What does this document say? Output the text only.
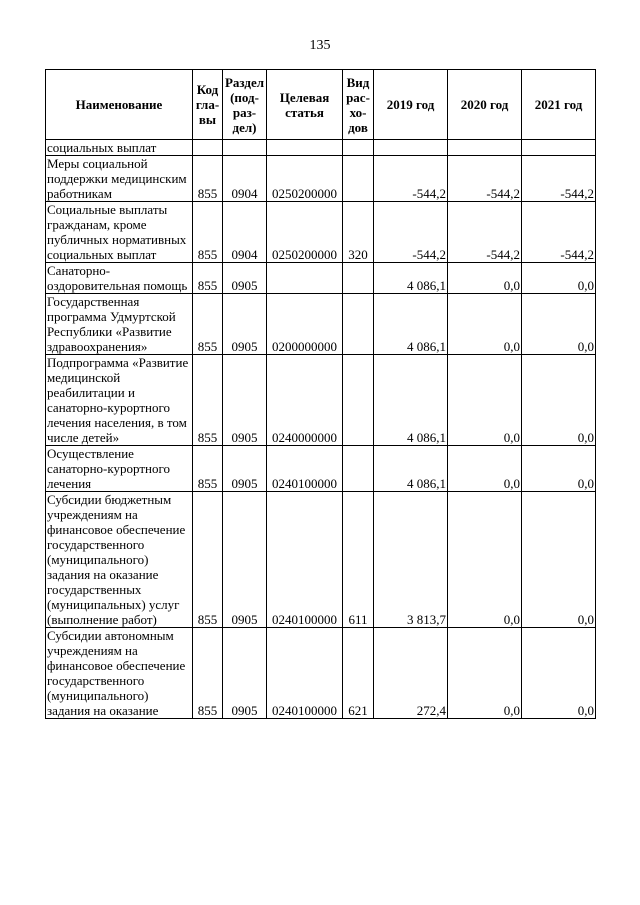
135
Наименование	Код гла-вы	Раздел (под-раз-дел)	Целевая статья	Вид рас-хо-дов	2019 год	2020 год	2021 год
социальных выплат							
Меры социальной поддержки медицинским работникам	855	0904	0250200000		-544,2	-544,2	-544,2
Социальные выплаты гражданам, кроме публичных нормативных социальных выплат	855	0904	0250200000	320	-544,2	-544,2	-544,2
Санаторно-оздоровительная помощь	855	0905			4 086,1	0,0	0,0
Государственная программа Удмуртской Республики «Развитие здравоохранения»	855	0905	0200000000		4 086,1	0,0	0,0
Подпрограмма «Развитие медицинской реабилитации и санаторно-курортного лечения населения, в том числе детей»	855	0905	0240000000		4 086,1	0,0	0,0
Осуществление санаторно-курортного лечения	855	0905	0240100000		4 086,1	0,0	0,0
Субсидии бюджетным учреждениям на финансовое обеспечение государственного (муниципального) задания на оказание государственных (муниципальных) услуг (выполнение работ)	855	0905	0240100000	611	3 813,7	0,0	0,0
Субсидии автономным учреждениям на финансовое обеспечение государственного (муниципального) задания на оказание	855	0905	0240100000	621	272,4	0,0	0,0
